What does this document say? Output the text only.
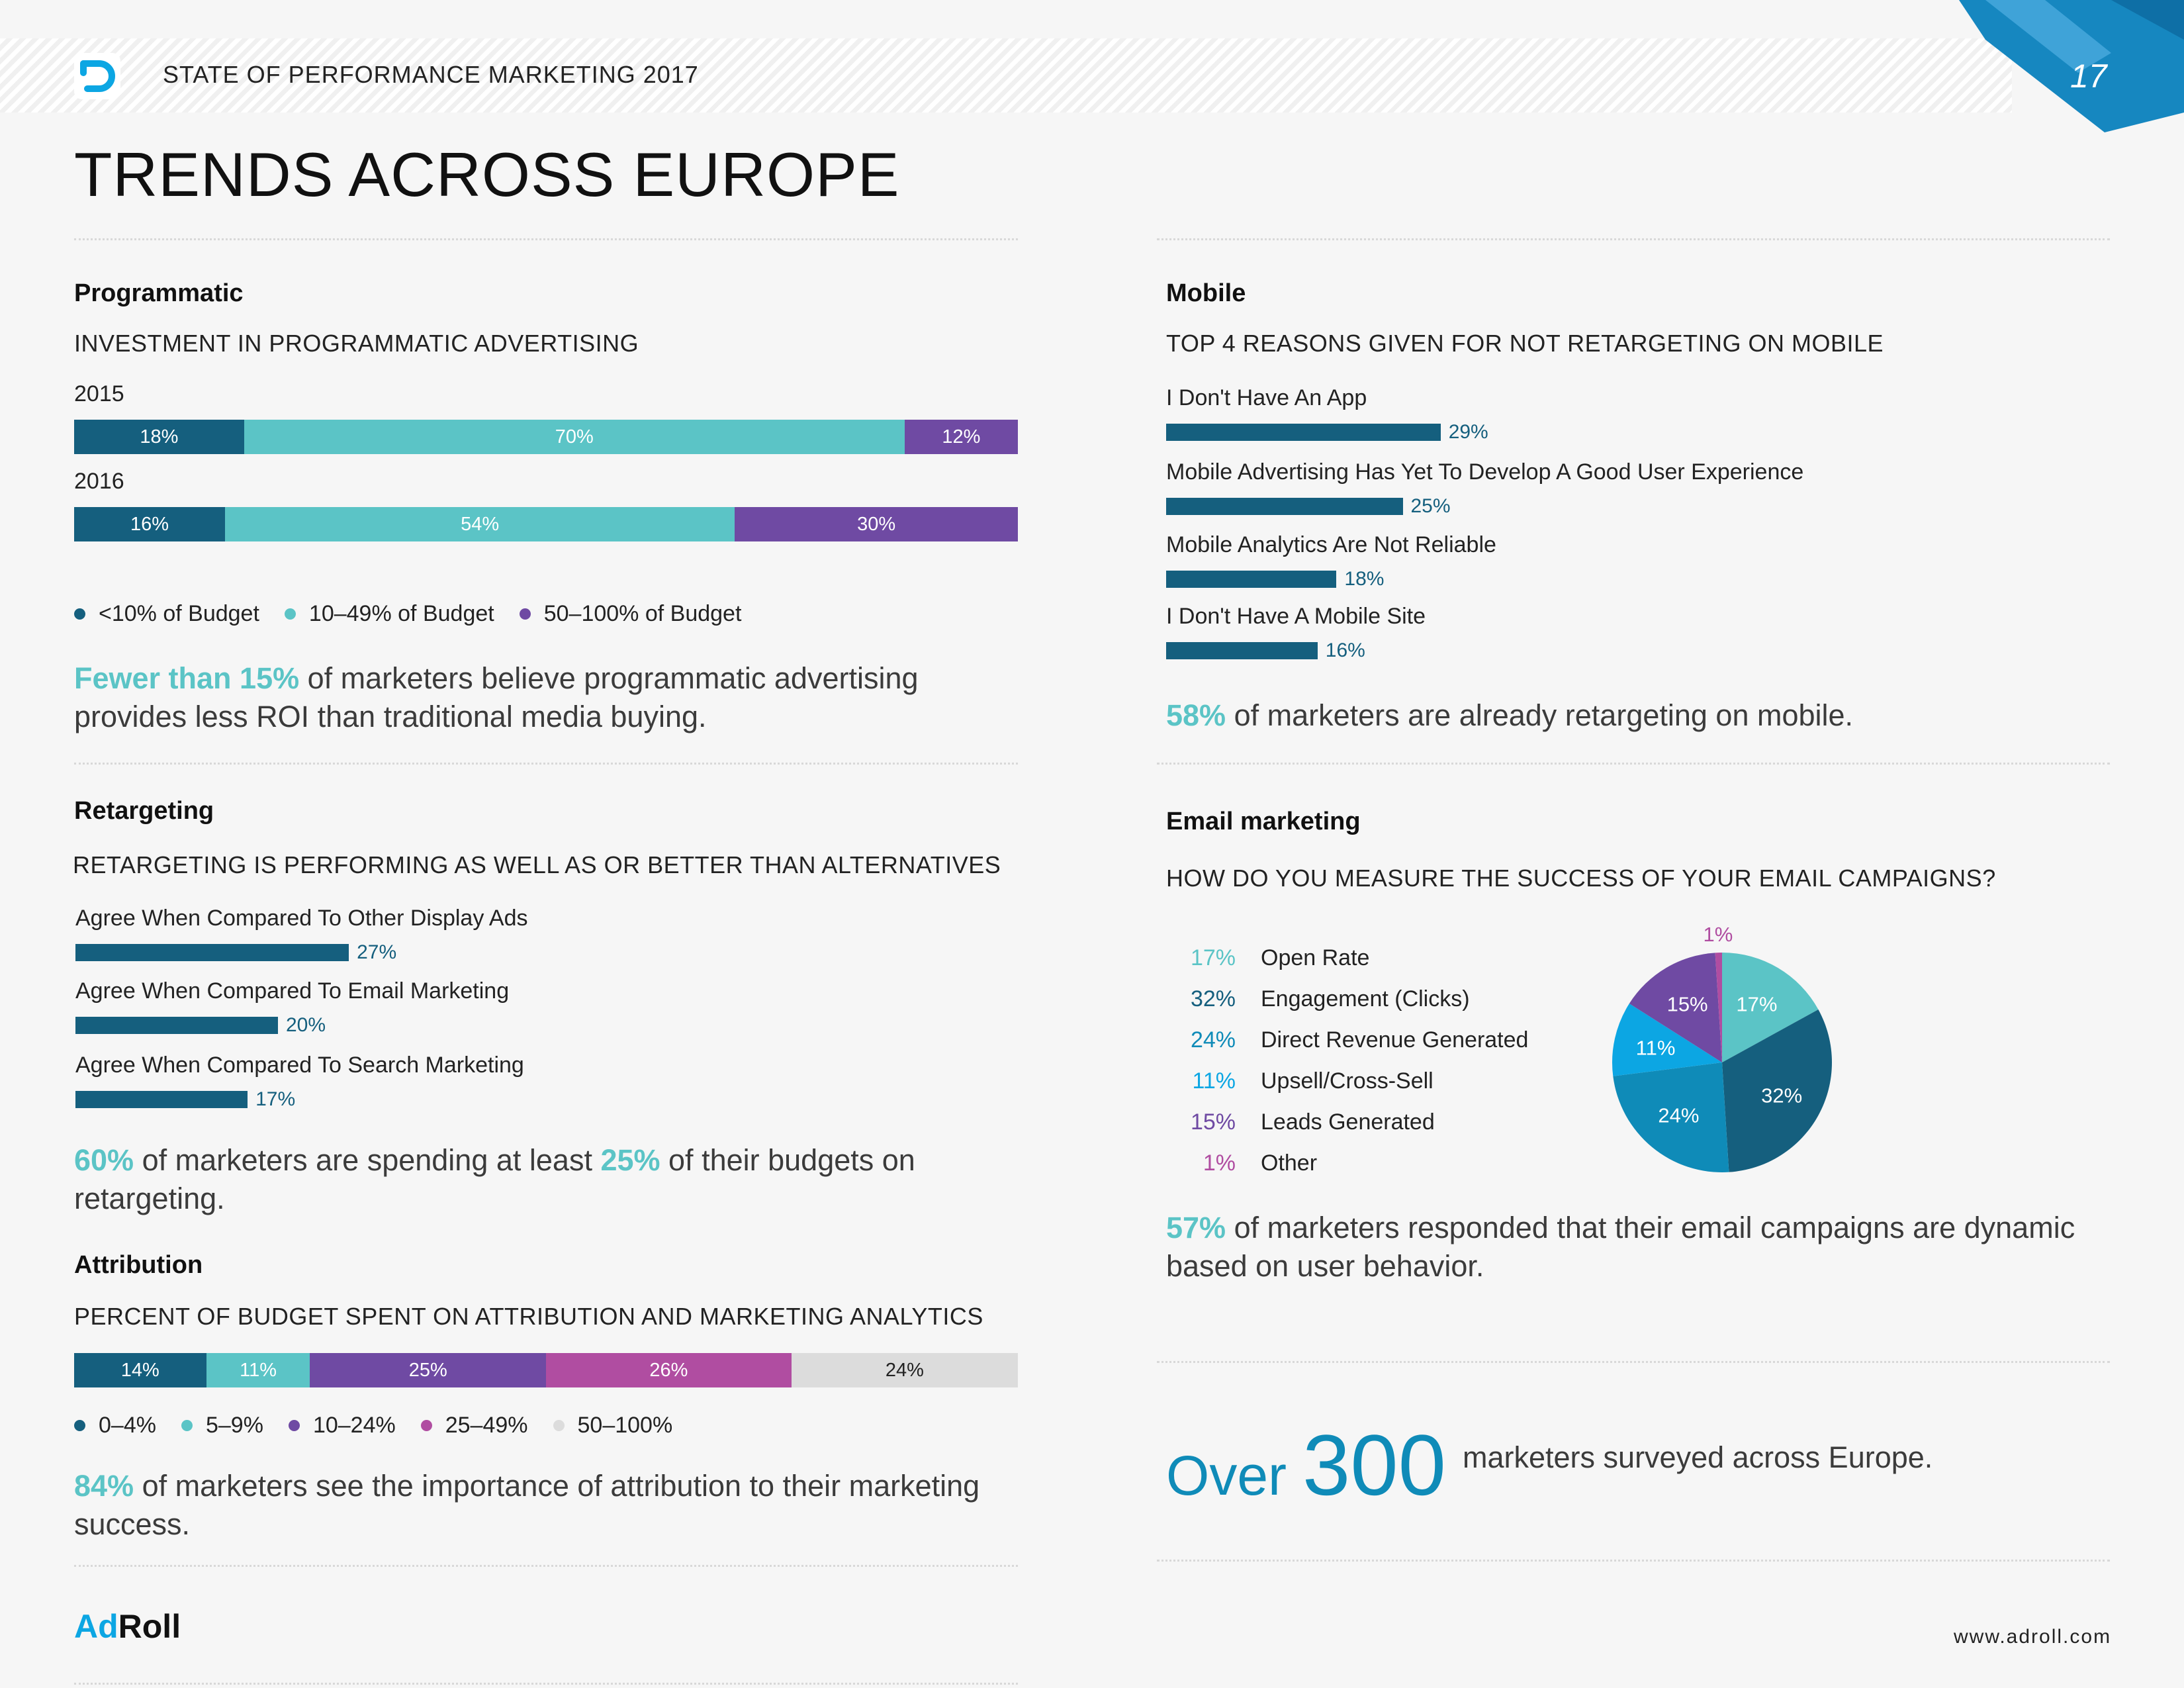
STATE OF PERFORMANCE MARKETING 2017	17
TRENDS ACROSS EUROPE
Programmatic
INVESTMENT IN PROGRAMMATIC ADVERTISING
2015
18%	70%	12%
2016
16%	54%	30%
<10% of Budget 10–49% of Budget 50–100% of Budget
Fewer than 15% of marketers believe programmatic advertising provides less ROI than traditional media buying.
Retargeting
RETARGETING IS PERFORMING AS WELL AS OR BETTER THAN ALTERNATIVES
Agree When Compared To Other Display Ads
27%
Agree When Compared To Email Marketing
20%
Agree When Compared To Search Marketing
17%
60% of marketers are spending at least 25% of their budgets on retargeting.
Attribution
PERCENT OF BUDGET SPENT ON ATTRIBUTION AND MARKETING ANALYTICS
14%	11%	25%	26%	24%
0–4% 5–9% 10–24% 25–49% 50–100%
84% of marketers see the importance of attribution to their marketing success.
Mobile
TOP 4 REASONS GIVEN FOR NOT RETARGETING ON MOBILE
I Don't Have An App
29%
Mobile Advertising Has Yet To Develop A Good User Experience
25%
Mobile Analytics Are Not Reliable
18%
I Don't Have A Mobile Site
16%
58% of marketers are already retargeting on mobile.
Email marketing
HOW DO YOU MEASURE THE SUCCESS OF YOUR EMAIL CAMPAIGNS?
17% Open Rate
32% Engagement (Clicks)
24% Direct Revenue Generated
11% Upsell/Cross-Sell
15% Leads Generated
1% Other
17%
32%
24%
11%
15%
1%
57% of marketers responded that their email campaigns are dynamic based on user behavior.
Over 300 marketers surveyed across Europe.
AdRoll	www.adroll.com
